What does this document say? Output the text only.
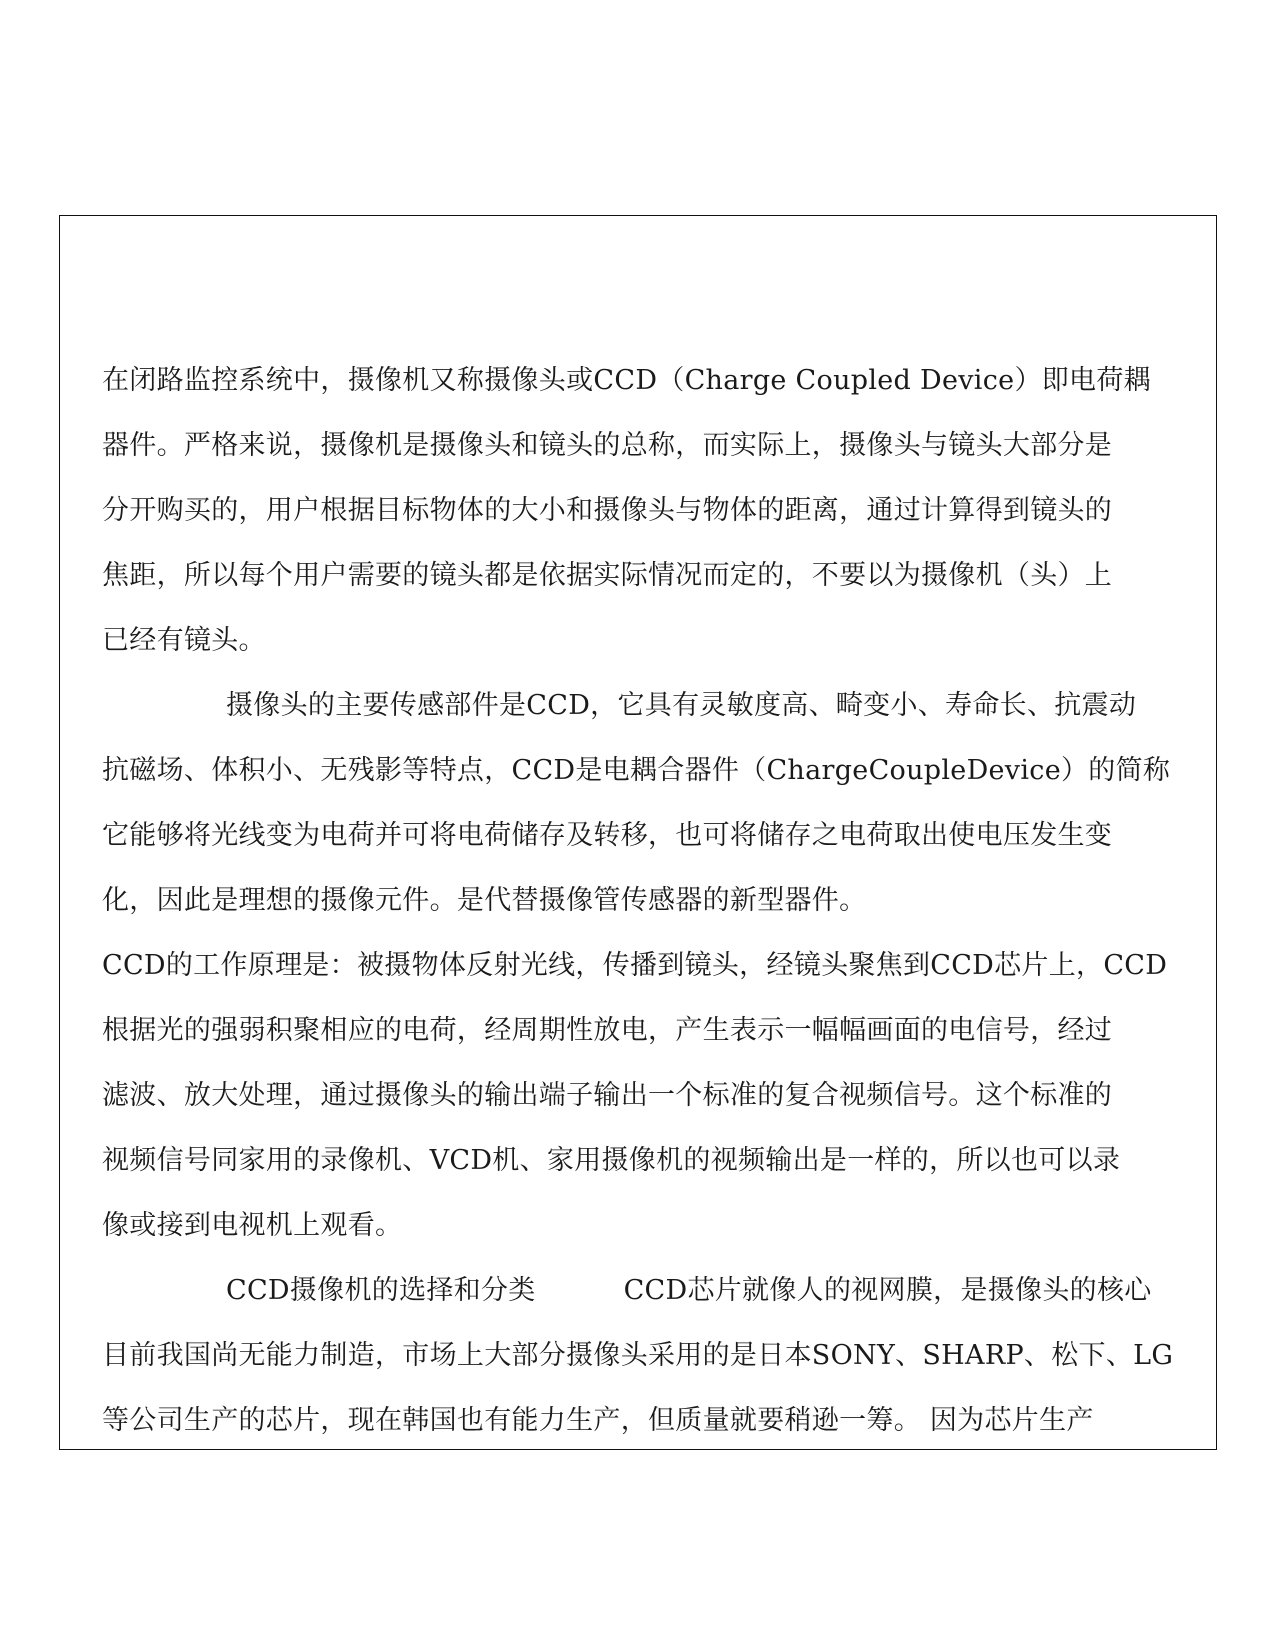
在闭路监控系统中，摄像机又称摄像头或CCD（Charge Coupled Device）即电荷耦
器件。严格来说，摄像机是摄像头和镜头的总称，而实际上，摄像头与镜头大部分是
分开购买的，用户根据目标物体的大小和摄像头与物体的距离，通过计算得到镜头的
焦距，所以每个用户需要的镜头都是依据实际情况而定的，不要以为摄像机（头）上
已经有镜头。
摄像头的主要传感部件是CCD，它具有灵敏度高、畸变小、寿命长、抗震动
抗磁场、体积小、无残影等特点，CCD是电耦合器件（ChargeCoupleDevice）的简称
它能够将光线变为电荷并可将电荷储存及转移，也可将储存之电荷取出使电压发生变
化，因此是理想的摄像元件。是代替摄像管传感器的新型器件。
CCD的工作原理是：被摄物体反射光线，传播到镜头，经镜头聚焦到CCD芯片上，CCD
根据光的强弱积聚相应的电荷，经周期性放电，产生表示一幅幅画面的电信号，经过
滤波、放大处理，通过摄像头的输出端子输出一个标准的复合视频信号。这个标准的
视频信号同家用的录像机、VCD机、家用摄像机的视频输出是一样的，所以也可以录
像或接到电视机上观看。
CCD摄像机的选择和分类	CCD芯片就像人的视网膜，是摄像头的核心
目前我国尚无能力制造，市场上大部分摄像头采用的是日本SONY、SHARP、松下、LG
等公司生产的芯片，现在韩国也有能力生产，但质量就要稍逊一筹。 因为芯片生产
